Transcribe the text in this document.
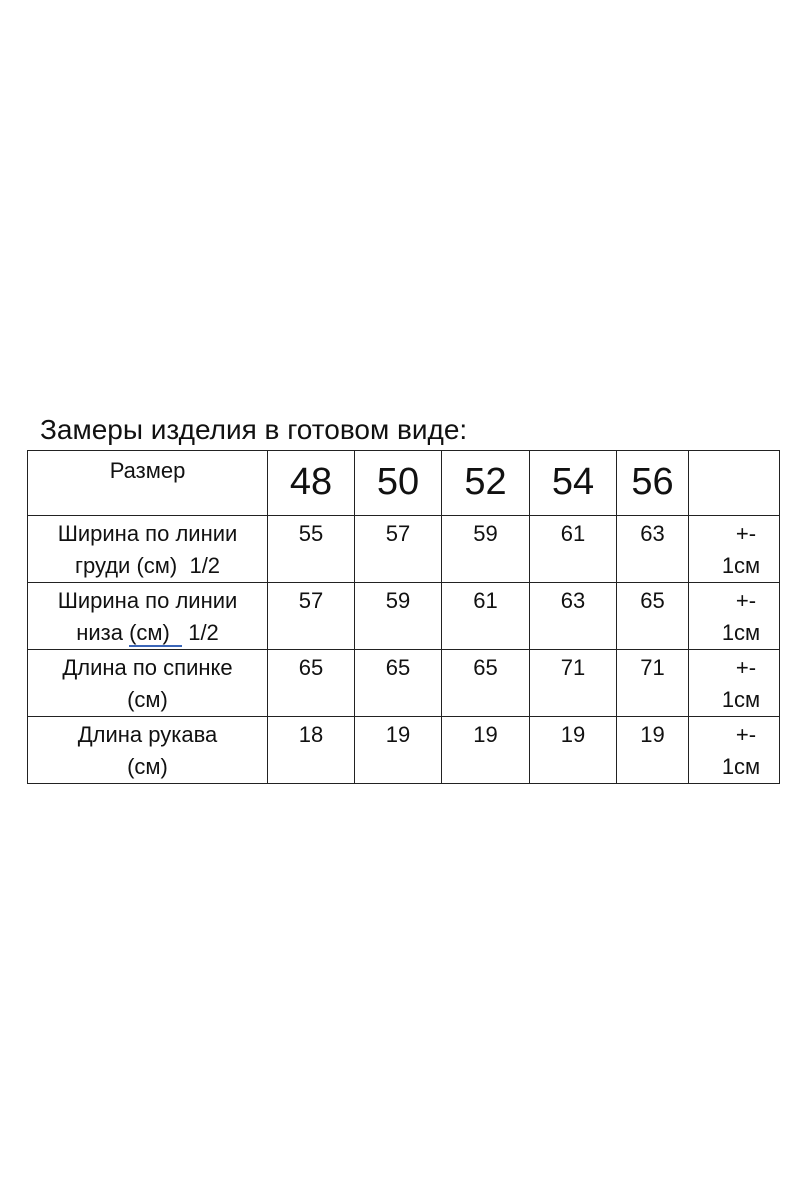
Замеры изделия в готовом виде:
Размер	48	50	52	54	56	

Ширина по линии
груди (см)  1/2	55	57	59	61	63	+-
1см

Ширина по линии
низа (см)   1/2	57	59	61	63	65	+-
1см

Длина по спинке
(см)	65	65	65	71	71	+-
1см

Длина рукава
(см)	18	19	19	19	19	+-
1см
